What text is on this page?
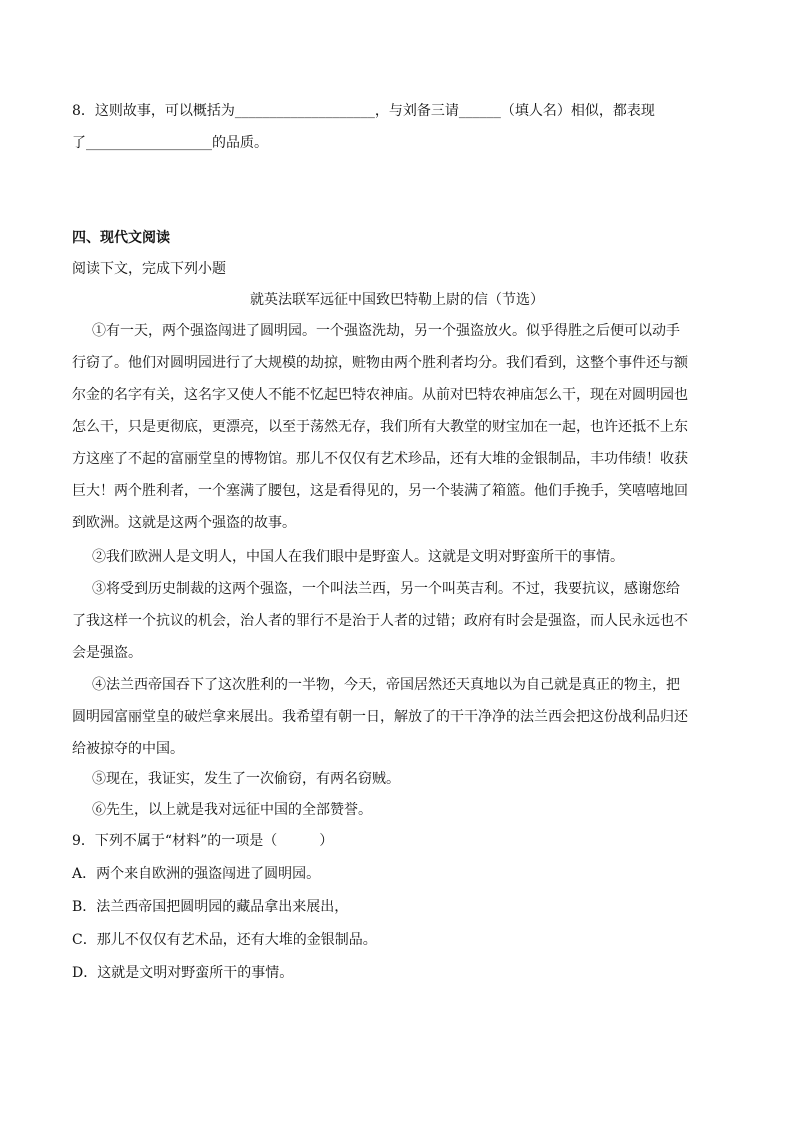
8．这则故事，可以概括为____________________，与刘备三请______（填人名）相似，都表现
了__________________的品质。
四、现代文阅读
阅读下文，完成下列小题
就英法联军远征中国致巴特勒上尉的信（节选）
①有一天，两个强盗闯进了圆明园。一个强盗洗劫，另一个强盗放火。似乎得胜之后便可以动手
行窃了。他们对圆明园进行了大规模的劫掠，赃物由两个胜利者均分。我们看到，这整个事件还与额
尔金的名字有关，这名字又使人不能不忆起巴特农神庙。从前对巴特农神庙怎么干，现在对圆明园也
怎么干，只是更彻底，更漂亮，以至于荡然无存，我们所有大教堂的财宝加在一起，也许还抵不上东
方这座了不起的富丽堂皇的博物馆。那儿不仅仅有艺术珍品，还有大堆的金银制品，丰功伟绩！收获
巨大！两个胜利者，一个塞满了腰包，这是看得见的，另一个装满了箱篮。他们手挽手，笑嘻嘻地回
到欧洲。这就是这两个强盗的故事。
②我们欧洲人是文明人，中国人在我们眼中是野蛮人。这就是文明对野蛮所干的事情。
③将受到历史制裁的这两个强盗，一个叫法兰西，另一个叫英吉利。不过，我要抗议，感谢您给
了我这样一个抗议的机会，治人者的罪行不是治于人者的过错；政府有时会是强盗，而人民永远也不
会是强盗。
④法兰西帝国吞下了这次胜利的一半物，今天，帝国居然还天真地以为自己就是真正的物主，把
圆明园富丽堂皇的破烂拿来展出。我希望有朝一日，解放了的干干净净的法兰西会把这份战利品归还
给被掠夺的中国。
⑤现在，我证实，发生了一次偷窃，有两名窃贼。
⑥先生，以上就是我对远征中国的全部赞誉。
9．下列不属于“材料”的一项是（　　　）
A．两个来自欧洲的强盗闯进了圆明园。
B．法兰西帝国把圆明园的藏品拿出来展出，
C．那儿不仅仅有艺术品，还有大堆的金银制品。
D．这就是文明对野蛮所干的事情。
